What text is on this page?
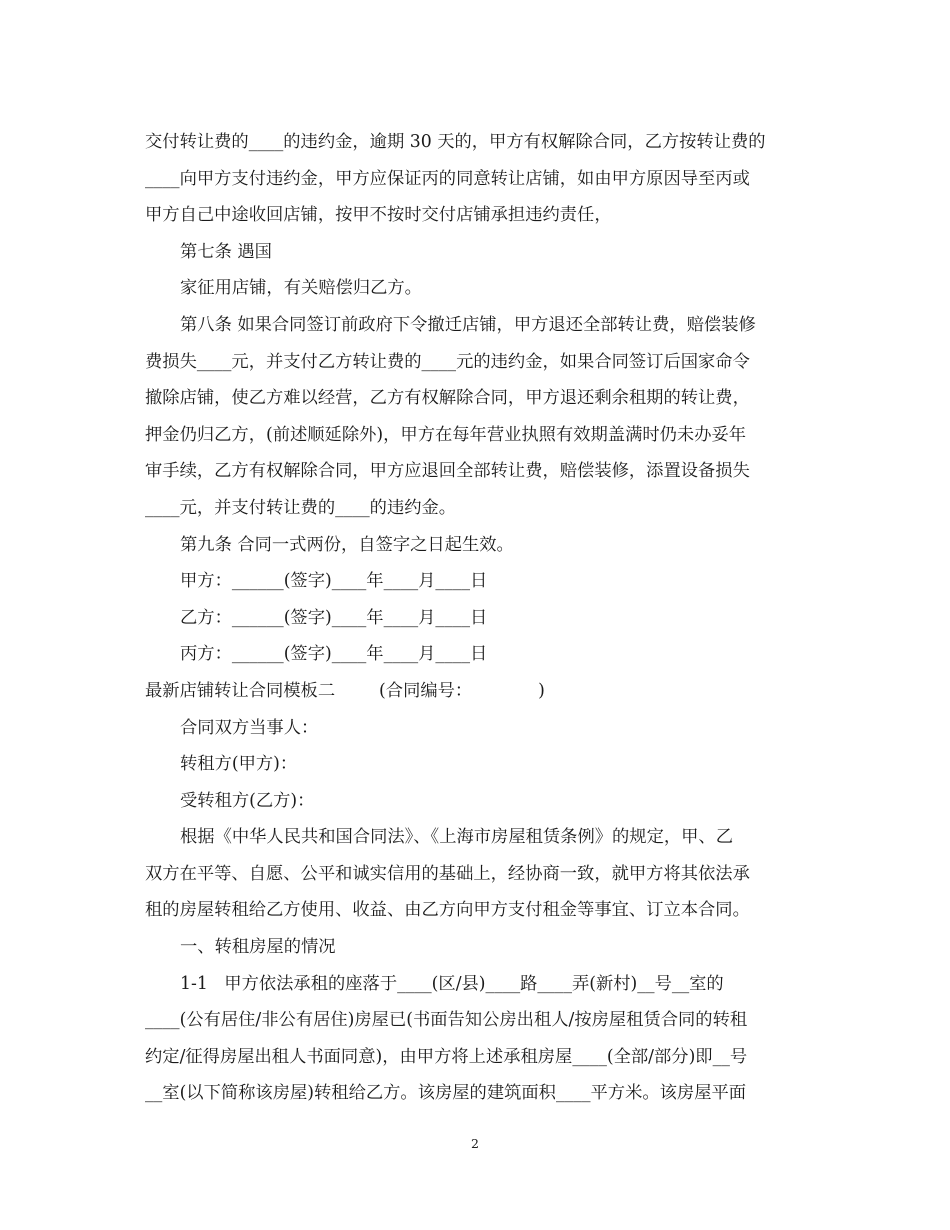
交付转让费的____的违约金，逾期 30 天的，甲方有权解除合同，乙方按转让费的
____向甲方支付违约金，甲方应保证丙的同意转让店铺，如由甲方原因导至丙或
甲方自己中途收回店铺，按甲不按时交付店铺承担违约责任，
第七条 遇国
家征用店铺，有关赔偿归乙方。
第八条 如果合同签订前政府下令撤迁店铺，甲方退还全部转让费，赔偿装修
费损失____元，并支付乙方转让费的____元的违约金，如果合同签订后国家命令
撤除店铺，使乙方难以经营，乙方有权解除合同，甲方退还剩余租期的转让费，
押金仍归乙方，(前述顺延除外)，甲方在每年营业执照有效期盖满时仍未办妥年
审手续，乙方有权解除合同，甲方应退回全部转让费，赔偿装修，添置设备损失
____元，并支付转让费的____的违约金。
第九条 合同一式两份，自签字之日起生效。
甲方：______(签字)____年____月____日
乙方：______(签字)____年____月____日
丙方：______(签字)____年____月____日
最新店铺转让合同模板二        (合同编号：            )
合同双方当事人：
转租方(甲方)：
受转租方(乙方)：
根据《中华人民共和国合同法》、《上海市房屋租赁条例》的规定，甲、乙
双方在平等、自愿、公平和诚实信用的基础上，经协商一致，就甲方将其依法承
租的房屋转租给乙方使用、收益、由乙方向甲方支付租金等事宜、订立本合同。
一、转租房屋的情况
1-1   甲方依法承租的座落于____(区/县)____路____弄(新村)__号__室的
____(公有居住/非公有居住)房屋已(书面告知公房出租人/按房屋租赁合同的转租
约定/征得房屋出租人书面同意)，由甲方将上述承租房屋____(全部/部分)即__号
__室(以下简称该房屋)转租给乙方。该房屋的建筑面积____平方米。该房屋平面
2
